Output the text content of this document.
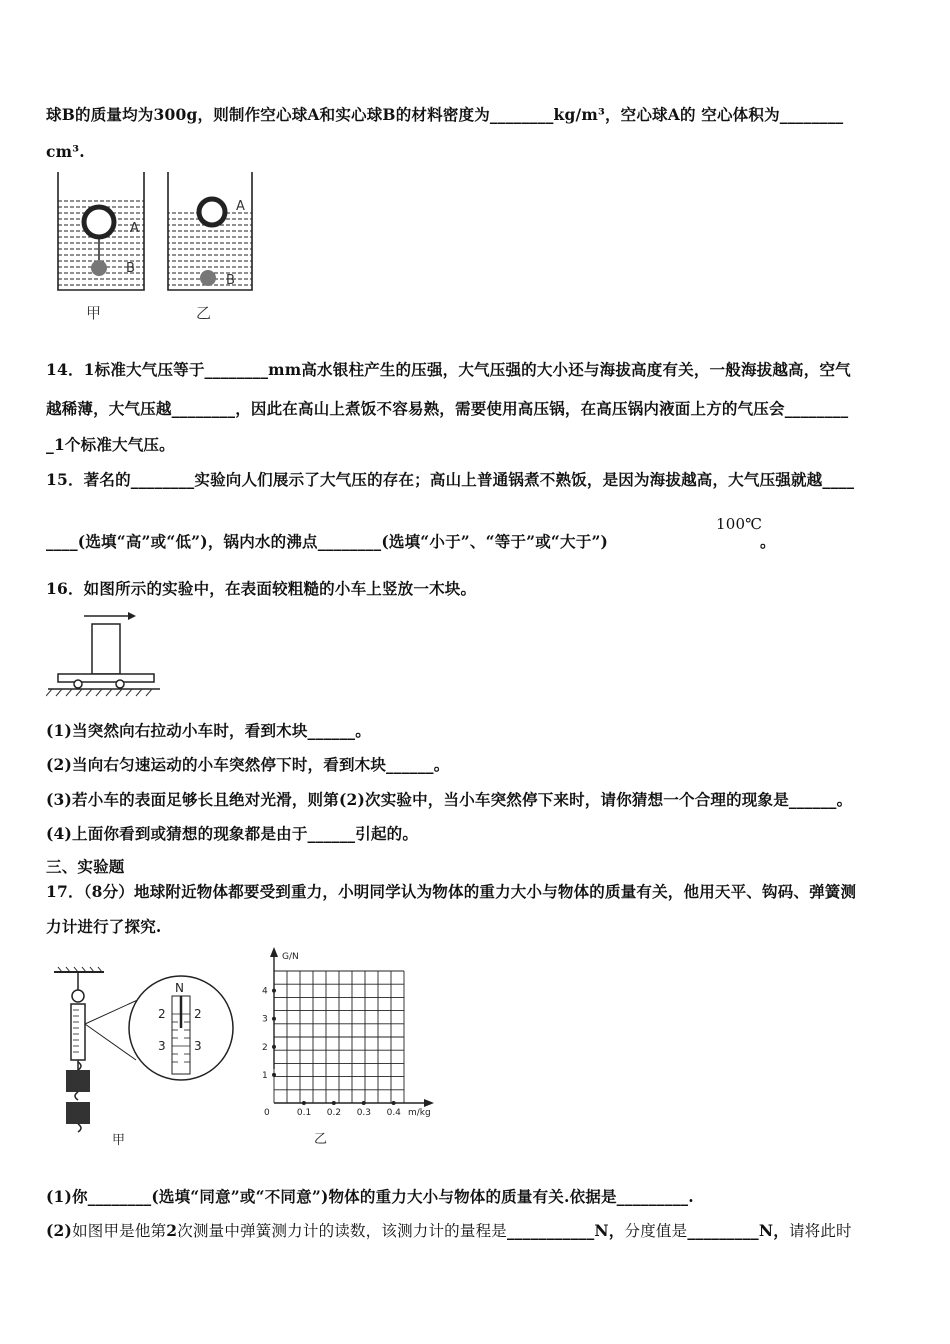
球B的质量均为300g，则制作空心球A和实心球B的材料密度为________kg/m³，空心球A的 空心体积为________
cm³.
A
B
A
B
甲	乙
14．1标准大气压等于________mm高水银柱产生的压强，大气压强的大小还与海拔高度有关，一般海拔越高，空气
越稀薄，大气压越________，因此在高山上煮饭不容易熟，需要使用高压锅，在高压锅内液面上方的气压会________
_1个标准大气压。
15．著名的________实验向人们展示了大气压的存在；高山上普通锅煮不熟饭，是因为海拔越高，大气压强就越____
____(选填“高”或“低”)，锅内水的沸点________(选填“小于”、“等于”或“大于”)
100℃
。
16．如图所示的实验中，在表面较粗糙的小车上竖放一木块。
(1)当突然向右拉动小车时，看到木块______。
(2)当向右匀速运动的小车突然停下时，看到木块______。
(3)若小车的表面足够长且绝对光滑，则第(2)次实验中，当小车突然停下来时，请你猜想一个合理的现象是______。
(4)上面你看到或猜想的现象都是由于______引起的。
三、实验题
17．（8分）地球附近物体都要受到重力，小明同学认为物体的重力大小与物体的质量有关，他用天平、钩码、弹簧测
力计进行了探究.
N
2 2
3 3
甲
G/N
m/kg
1
2
3
4
0	0.1 0.2 0.3 0.4
乙
(1)你________(选填“同意”或“不同意”)物体的重力大小与物体的质量有关.依据是_________.
(2)如图甲是他第2次测量中弹簧测力计的读数，该测力计的量程是___________N，分度值是_________N，请将此时
